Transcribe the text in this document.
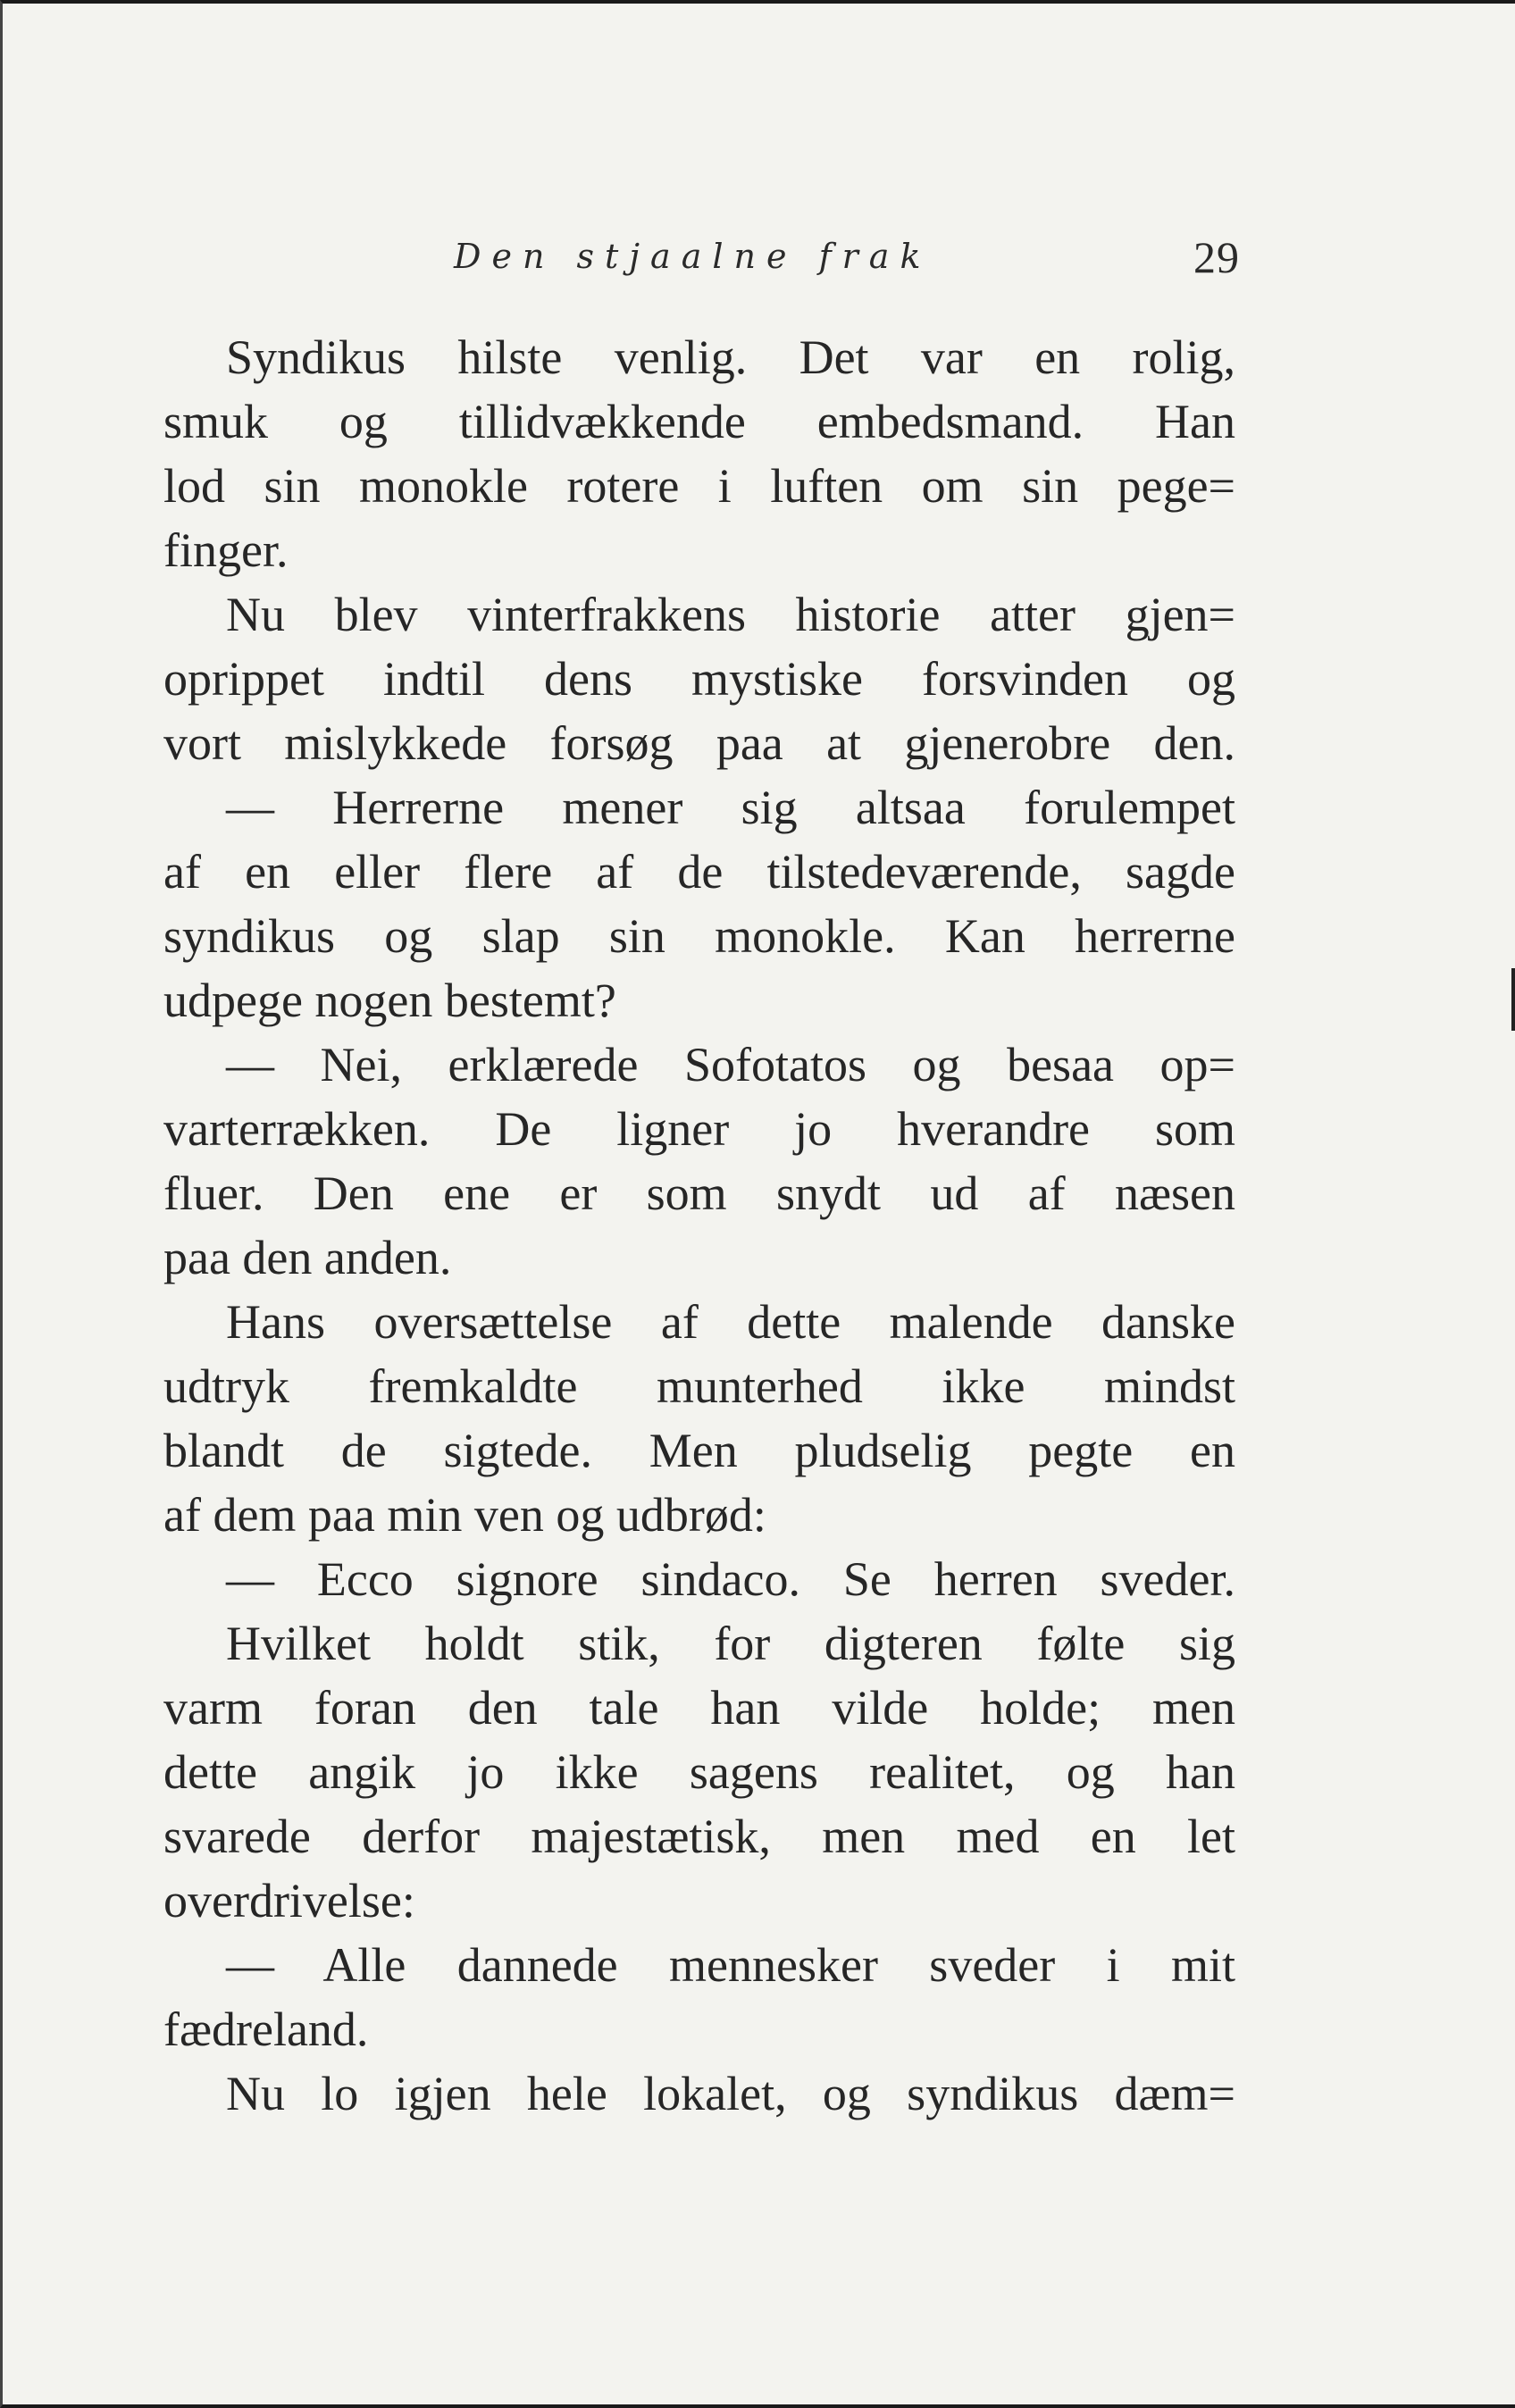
Den stjaalne frak	29
Syndikus hilste venlig. Det var en rolig,
smuk og tillidvækkende embedsmand. Han
lod sin monokle rotere i luften om sin pege=
finger.
Nu blev vinterfrakkens historie atter gjen=
oprippet indtil dens mystiske forsvinden og
vort mislykkede forsøg paa at gjenerobre den.
— Herrerne mener sig altsaa forulempet
af en eller flere af de tilstedeværende, sagde
syndikus og slap sin monokle. Kan herrerne
udpege nogen bestemt?
— Nei, erklærede Sofotatos og besaa op=
varterrækken. De ligner jo hverandre som
fluer. Den ene er som snydt ud af næsen
paa den anden.
Hans oversættelse af dette malende danske
udtryk fremkaldte munterhed ikke mindst
blandt de sigtede. Men pludselig pegte en
af dem paa min ven og udbrød:
— Ecco signore sindaco. Se herren sveder.
Hvilket holdt stik, for digteren følte sig
varm foran den tale han vilde holde; men
dette angik jo ikke sagens realitet, og han
svarede derfor majestætisk, men med en let
overdrivelse:
— Alle dannede mennesker sveder i mit
fædreland.
Nu lo igjen hele lokalet, og syndikus dæm=
